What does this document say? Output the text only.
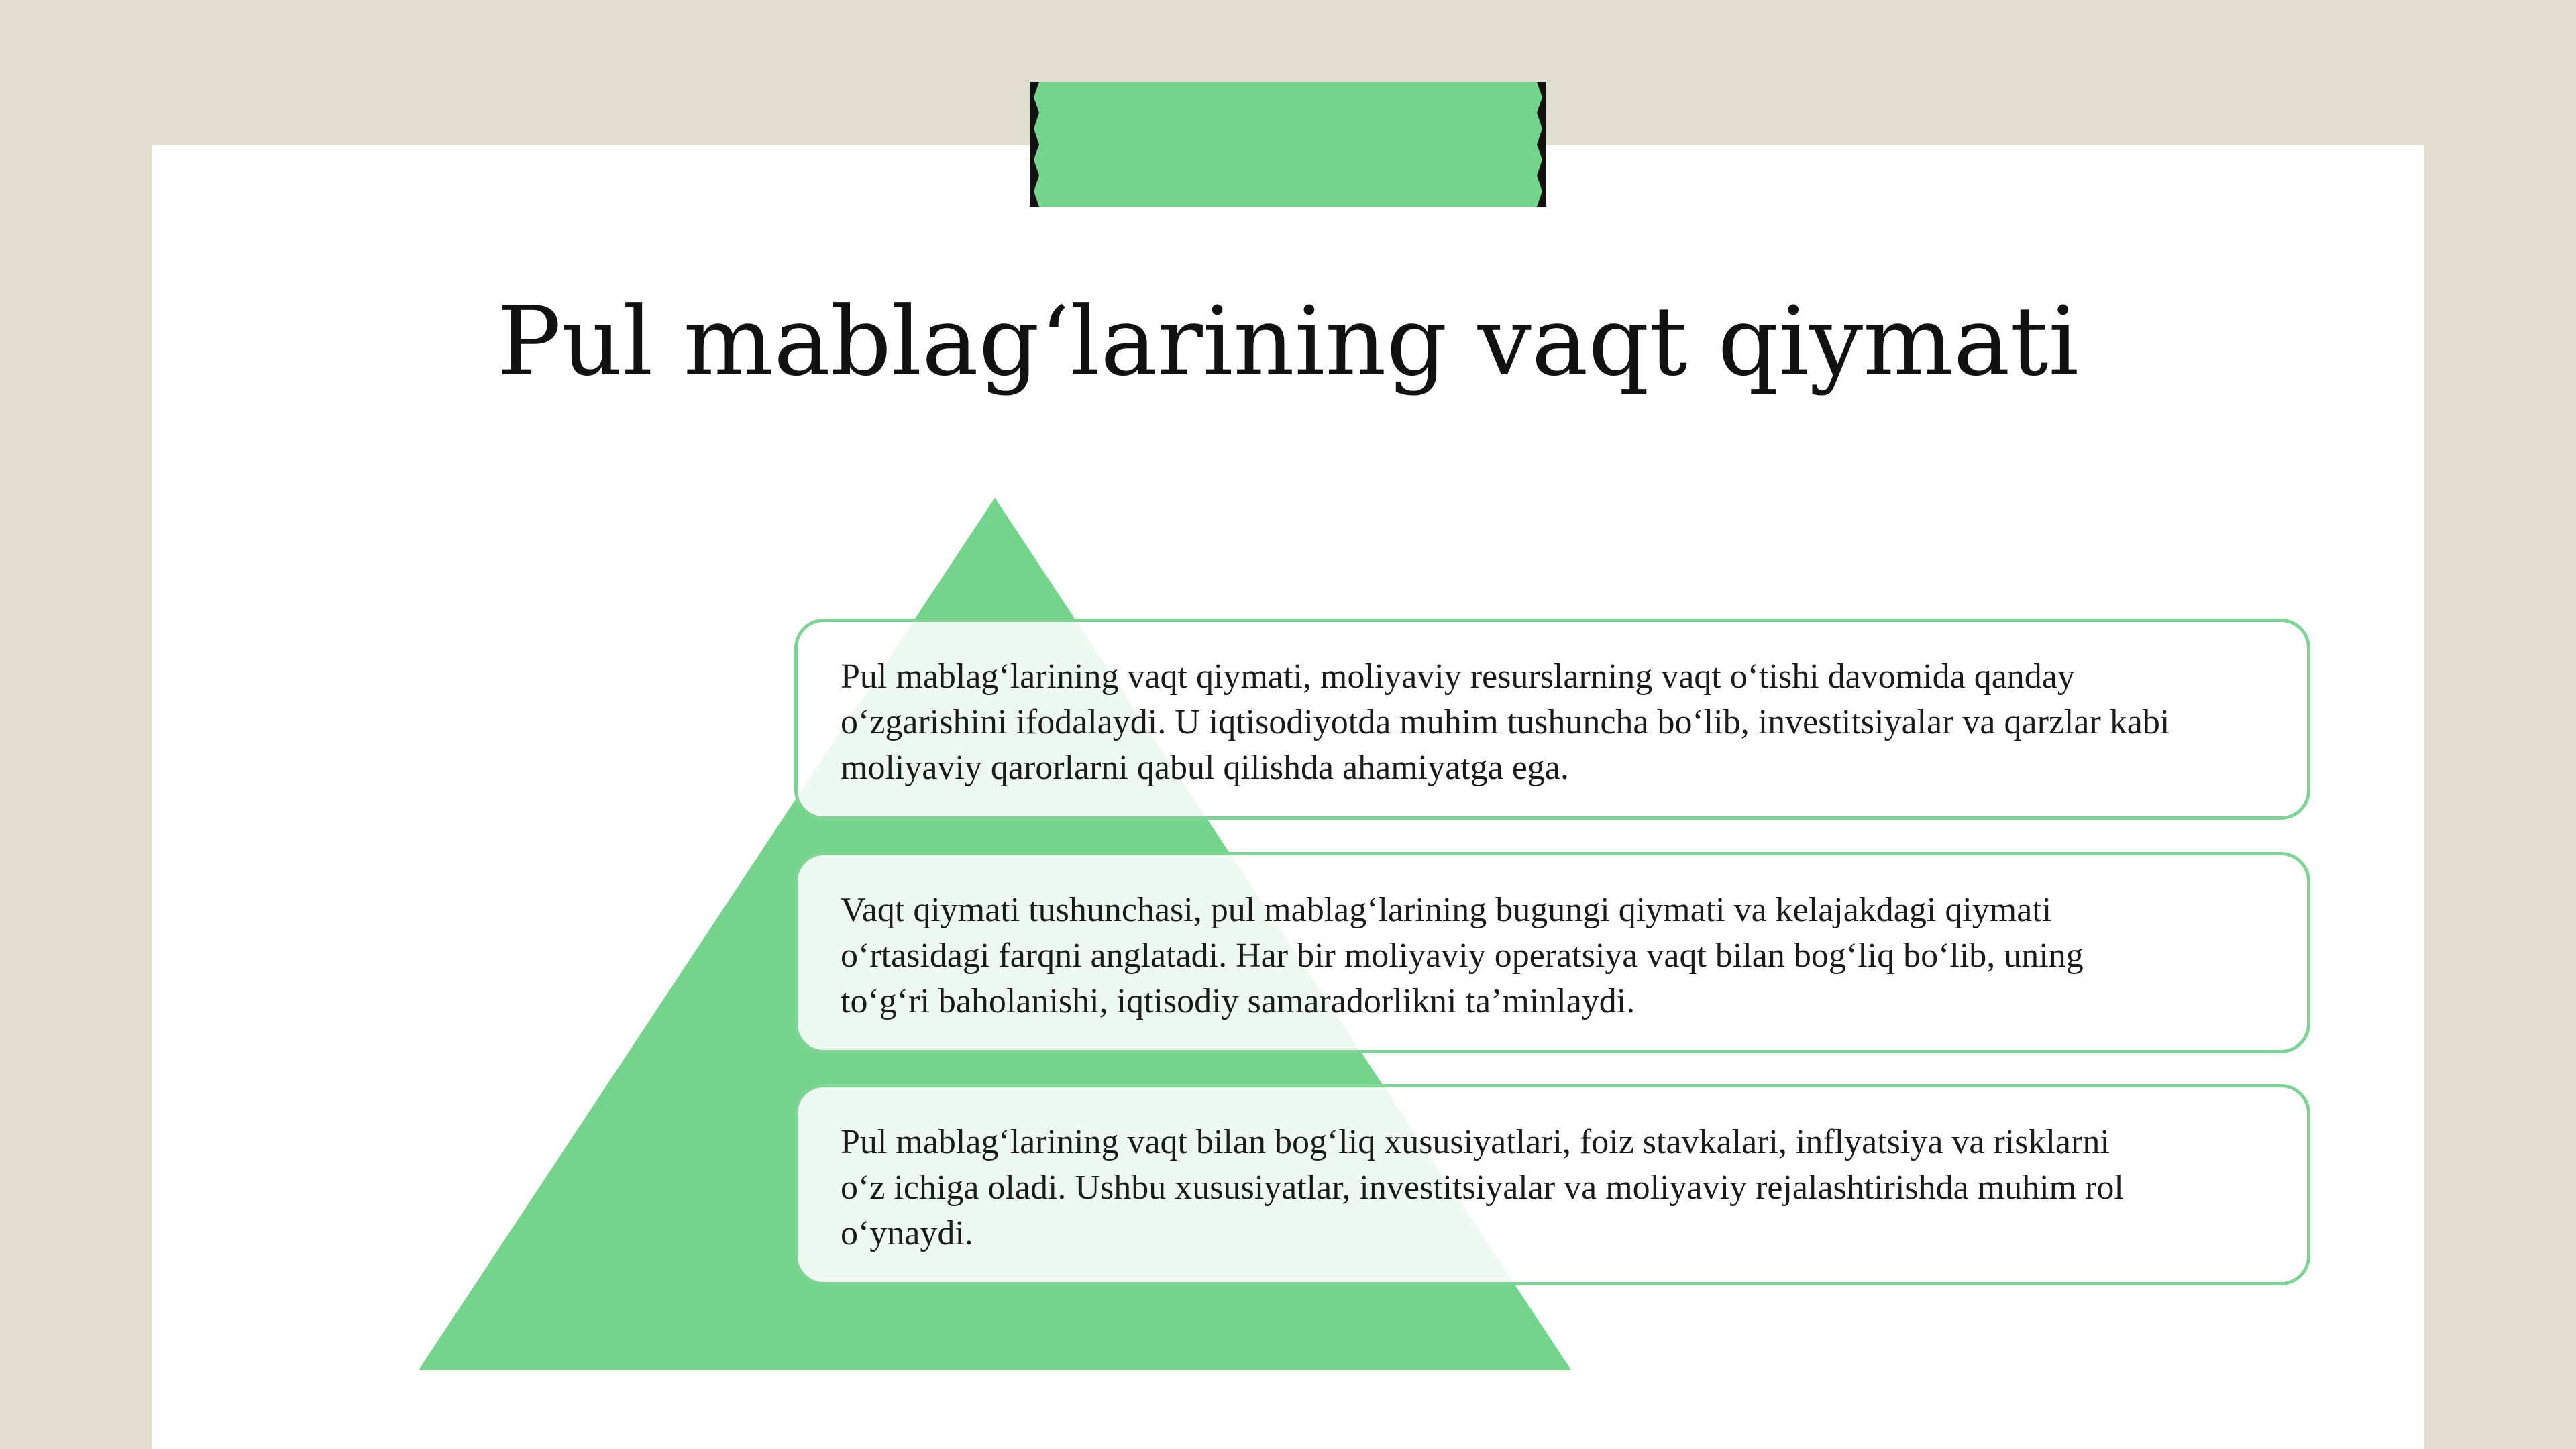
Pul mablag‘larining vaqt qiymati
Pul mablag‘larining vaqt qiymati, moliyaviy resurslarning vaqt o‘tishi davomida qanday
o‘zgarishini ifodalaydi. U iqtisodiyotda muhim tushuncha bo‘lib, investitsiyalar va qarzlar kabi
moliyaviy qarorlarni qabul qilishda ahamiyatga ega.
Vaqt qiymati tushunchasi, pul mablag‘larining bugungi qiymati va kelajakdagi qiymati
o‘rtasidagi farqni anglatadi. Har bir moliyaviy operatsiya vaqt bilan bog‘liq bo‘lib, uning
to‘g‘ri baholanishi, iqtisodiy samaradorlikni ta’minlaydi.
Pul mablag‘larining vaqt bilan bog‘liq xususiyatlari, foiz stavkalari, inflyatsiya va risklarni
o‘z ichiga oladi. Ushbu xususiyatlar, investitsiyalar va moliyaviy rejalashtirishda muhim rol
o‘ynaydi.
